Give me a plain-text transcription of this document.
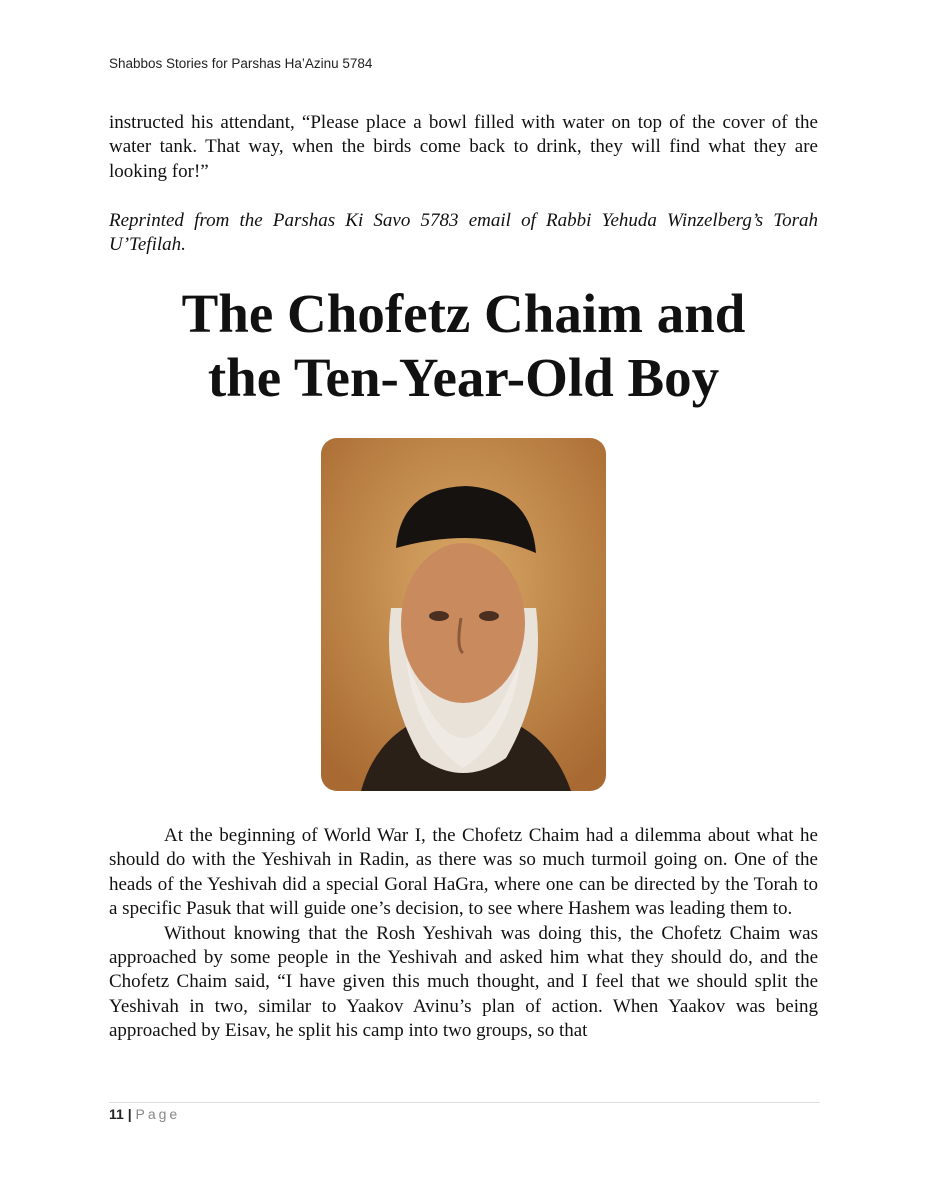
Shabbos Stories for Parshas Ha’Azinu 5784
instructed his attendant, “Please place a bowl filled with water on top of the cover of the water tank. That way, when the birds come back to drink, they will find what they are looking for!”
Reprinted from the Parshas Ki Savo 5783 email of Rabbi Yehuda Winzelberg’s Torah U’Tefilah.
The Chofetz Chaim and
the Ten-Year-Old Boy

At the beginning of World War I, the Chofetz Chaim had a dilemma about what he should do with the Yeshivah in Radin, as there was so much turmoil going on. One of the heads of the Yeshivah did a special Goral HaGra, where one can be directed by the Torah to a specific Pasuk that will guide one’s decision, to see where Hashem was leading them to.

Without knowing that the Rosh Yeshivah was doing this, the Chofetz Chaim was approached by some people in the Yeshivah and asked him what they should do, and the Chofetz Chaim said, “I have given this much thought, and I feel that we should split the Yeshivah in two, similar to Yaakov Avinu’s plan of action. When Yaakov was being approached by Eisav, he split his camp into two groups, so that

11 | Page
